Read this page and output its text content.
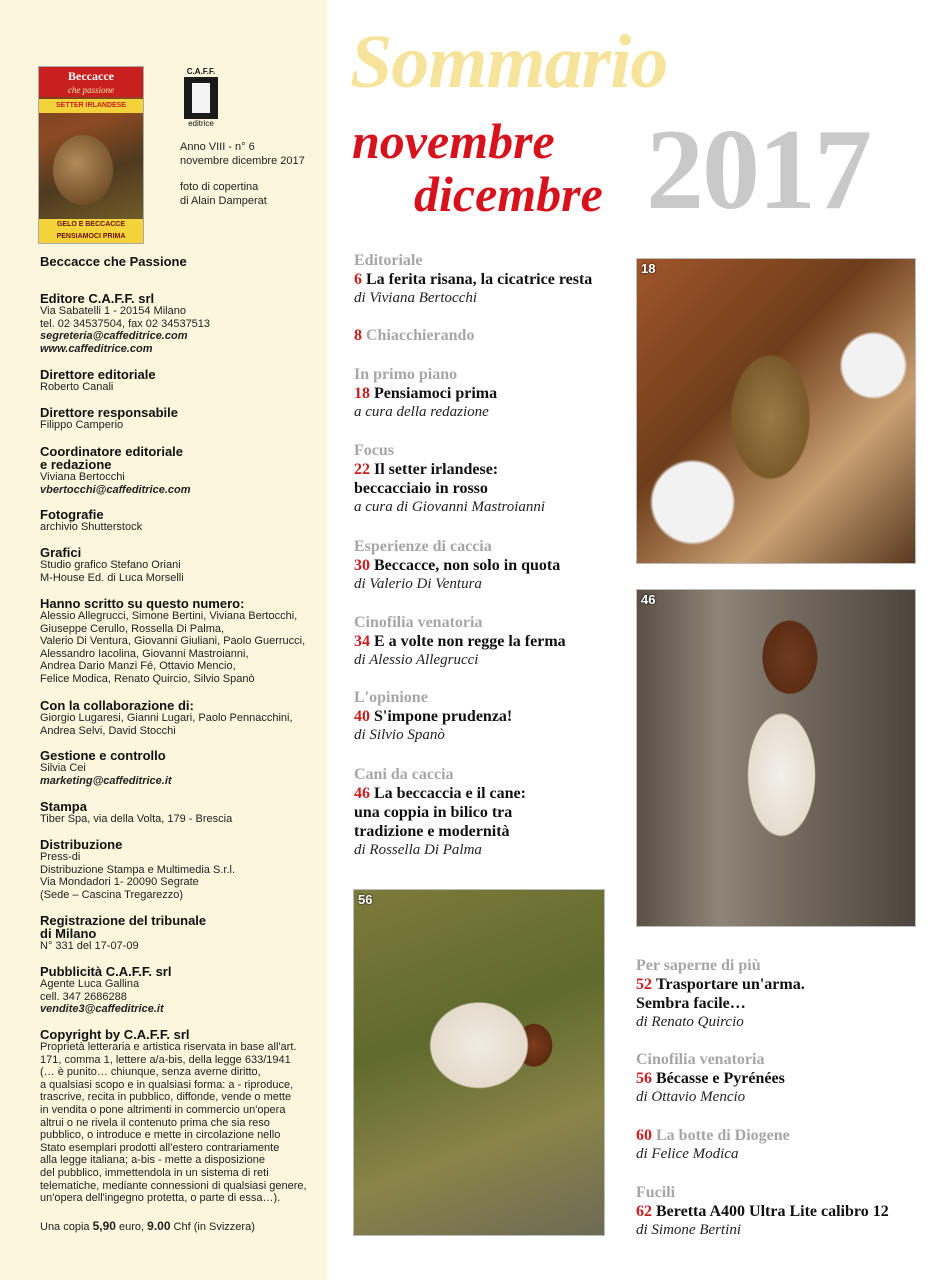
Beccacce
che passione
SETTER IRLANDESE
GELO E BECCACCE PENSIAMOCI PRIMA
C.A.F.F.
editrice
Anno VIII - n° 6
novembre dicembre 2017
foto di copertina
di Alain Damperat
Beccacce che Passione
Editore C.A.F.F. srl

Via Sabatelli 1 - 20154 Milano

tel. 02 34537504, fax 02 34537513

segreteria@caffeditrice.com

www.caffeditrice.com

Direttore editoriale

Roberto Canali

Direttore responsabile

Filippo Camperio

Coordinatore editoriale
e redazione

Viviana Bertocchi

vbertocchi@caffeditrice.com

Fotografie

archivio Shutterstock

Grafici

Studio grafico Stefano Oriani

M-House Ed. di Luca Morselli

Hanno scritto su questo numero:

Alessio Allegrucci, Simone Bertini, Viviana Bertocchi,

Giuseppe Cerullo, Rossella Di Palma,

Valerio Di Ventura, Giovanni Giuliani, Paolo Guerrucci,

Alessandro Iacolina, Giovanni Mastroianni,

Andrea Dario Manzi Fé, Ottavio Mencio,

Felice Modica, Renato Quircio, Silvio Spanò

Con la collaborazione di:

Giorgio Lugaresi, Gianni Lugari, Paolo Pennacchini,

Andrea Selvi, David Stocchi

Gestione e controllo

Silvia Cei

marketing@caffeditrice.it

Stampa

Tiber Spa, via della Volta, 179 - Brescia

Distribuzione

Press-di

Distribuzione Stampa e Multimedia S.r.l.

Via Mondadori 1- 20090 Segrate

(Sede – Cascina Tregarezzo)

Registrazione del tribunale
di Milano

N° 331 del 17-07-09

Pubblicità C.A.F.F. srl

Agente Luca Gallina

cell. 347 2686288

vendite3@caffeditrice.it

Copyright by C.A.F.F. srl

Proprietà letteraria e artistica riservata in base all'art.

171, comma 1, lettere a/a-bis, della legge 633/1941

(… è punito… chiunque, senza averne diritto,

a qualsiasi scopo e in qualsiasi forma: a - riproduce,

trascrive, recita in pubblico, diffonde, vende o mette

in vendita o pone altrimenti in commercio un'opera

altrui o ne rivela il contenuto prima che sia reso

pubblico, o introduce e mette in circolazione nello

Stato esemplari prodotti all'estero contrariamente

alla legge italiana; a-bis - mette a disposizione

del pubblico, immettendola in un sistema di reti

telematiche, mediante connessioni di qualsiasi genere,

un'opera dell'ingegno protetta, o parte di essa…).

Una copia 5,90 euro, 9.00 Chf (in Svizzera)
Sommario
novembre
dicembre 2017
18
46
56
Editoriale
6 La ferita risana, la cicatrice resta
di Viviana Bertocchi
8 Chiacchierando
In primo piano
18 Pensiamoci prima
a cura della redazione
Focus
22 Il setter irlandese:
beccacciaio in rosso
a cura di Giovanni Mastroianni
Esperienze di caccia
30 Beccacce, non solo in quota
di Valerio Di Ventura
Cinofilia venatoria
34 E a volte non regge la ferma
di Alessio Allegrucci
L'opinione
40 S'impone prudenza!
di Silvio Spanò
Cani da caccia
46 La beccaccia e il cane:
una coppia in bilico tra
tradizione e modernità
di Rossella Di Palma
Per saperne di più
52 Trasportare un'arma.
Sembra facile…
di Renato Quircio
Cinofilia venatoria
56 Bécasse e Pyrénées
di Ottavio Mencio
60 La botte di Diogene
di Felice Modica
Fucili
62 Beretta A400 Ultra Lite calibro 12
di Simone Bertini
